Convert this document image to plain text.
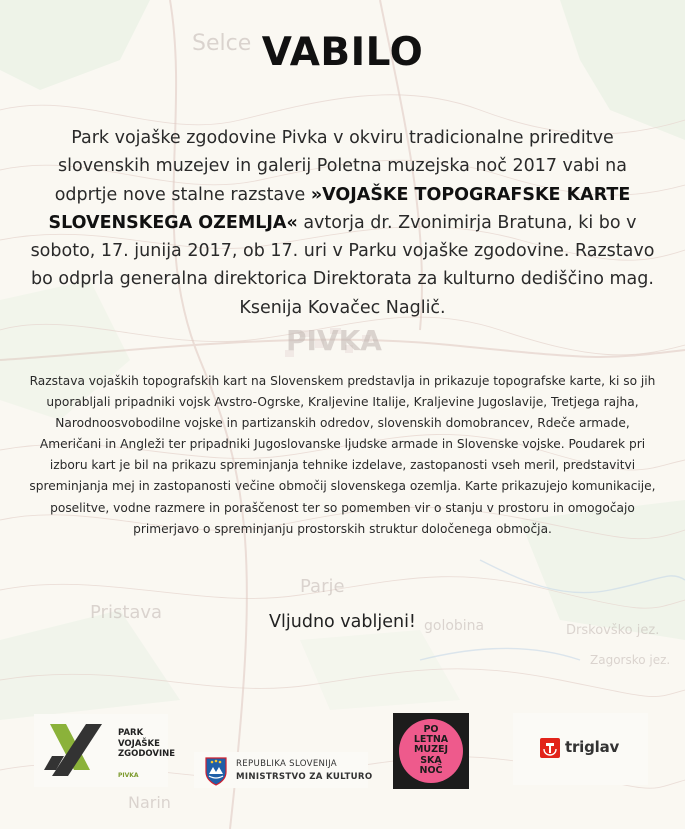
Selce
PIVKA
Parje
golobina
Pristava
Drskovško jez.
Zagorsko jez.
Narin
VABILO

Park vojaške zgodovine Pivka v okviru tradicionalne prireditve slovenskih muzejev in galerij Poletna muzejska noč 2017 vabi na odprtje nove stalne razstave »VOJAŠKE TOPOGRAFSKE KARTE SLOVENSKEGA OZEMLJA« avtorja dr. Zvonimirja Bratuna, ki bo v soboto, 17. junija 2017, ob 17. uri v Parku vojaške zgodovine. Razstavo bo odprla generalna direktorica Direktorata za kulturno dediščino mag. Ksenija Kovačec Naglič.

Razstava vojaških topografskih kart na Slovenskem predstavlja in prikazuje topografske karte, ki so jih uporabljali pripadniki vojsk Avstro-Ogrske, Kraljevine Italije, Kraljevine Jugoslavije, Tretjega rajha, Narodnoosvobodilne vojske in partizanskih odredov, slovenskih domobrancev, Rdeče armade, Američani in Angleži ter pripadniki Jugoslovanske ljudske armade in Slovenske vojske. Poudarek pri izboru kart je bil na prikazu spreminjanja tehnike izdelave, zastopanosti vseh meril, predstavitvi spreminjanja mej in zastopanosti večine območij slovenskega ozemlja. Karte prikazujejo komunikacije, poselitve, vodne razmere in poraščenost ter so pomemben vir o stanju v prostoru in omogočajo primerjavo o spreminjanju prostorskih struktur določenega območja.

Vljudno vabljeni!

PARK
VOJAŠKE
ZGODOVINE
PIVKA
REPUBLIKA SLOVENIJA
MINISTRSTVO ZA KULTURO
PO
LETNA
MUZEJ
SKA
NOČ
triglav
